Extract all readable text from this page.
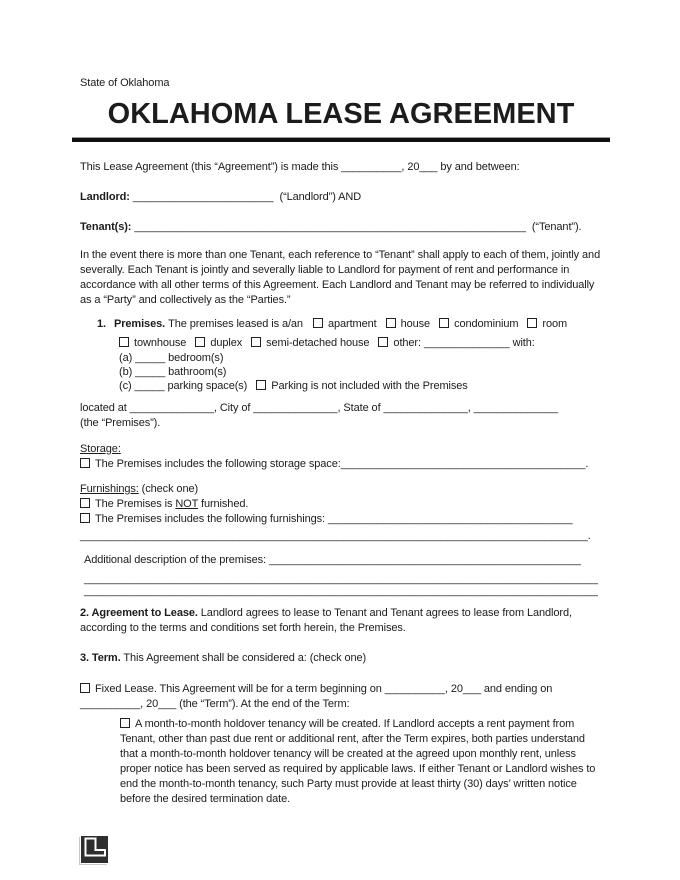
State of Oklahoma
OKLAHOMA LEASE AGREEMENT
This Lease Agreement (this “Agreement”) is made this __________, 20___ by and between:
Landlord: _______________________ (“Landlord”) AND
Tenant(s): ________________________________________________________________ (“Tenant”).
In the event there is more than one Tenant, each reference to “Tenant” shall apply to each of them, jointly and severally. Each Tenant is jointly and severally liable to Landlord for payment of rent and performance in accordance with all other terms of this Agreement. Each Landlord and Tenant may be referred to individually as a “Party” and collectively as the “Parties.”
1. Premises. The premises leased is a/an apartment house condominium room
townhouse duplex semi-detached house other: ______________ with:
(a) _____ bedroom(s)
(b) _____ bathroom(s)
(c) _____ parking space(s) Parking is not included with the Premises
located at ______________, City of ______________, State of ______________, ______________
(the “Premises”).
Storage:
The Premises includes the following storage space:________________________________________.
Furnishings: (check one)
The Premises is NOT furnished.
The Premises includes the following furnishings: ________________________________________
___________________________________________________________________________________.
Additional description of the premises: ___________________________________________________
____________________________________________________________________________________
____________________________________________________________________________________
2. Agreement to Lease. Landlord agrees to lease to Tenant and Tenant agrees to lease from Landlord, according to the terms and conditions set forth herein, the Premises.
3. Term. This Agreement shall be considered a: (check one)
Fixed Lease. This Agreement will be for a term beginning on __________, 20___ and ending on
__________, 20___ (the “Term”). At the end of the Term:
A month-to-month holdover tenancy will be created. If Landlord accepts a rent payment from Tenant, other than past due rent or additional rent, after the Term expires, both parties understand that a month-to-month holdover tenancy will be created at the agreed upon monthly rent, unless proper notice has been served as required by applicable laws. If either Tenant or Landlord wishes to end the month-to-month tenancy, such Party must provide at least thirty (30) days’ written notice before the desired termination date.
